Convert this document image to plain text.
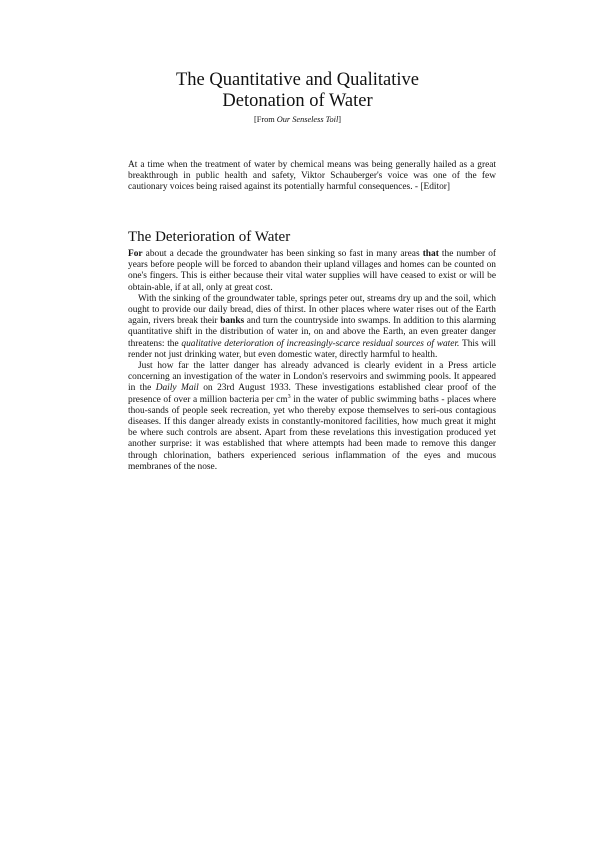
The Quantitative and Qualitative
Detonation of Water
[From Our Senseless Toil]

At a time when the treatment of water by chemical means was being generally hailed as a great breakthrough in public health and safety, Viktor Schauberger's voice was one of the few cautionary voices being raised against its potentially harmful consequences. - [Editor]

The Deterioration of Water

For about a decade the groundwater has been sinking so fast in many areas that the number of years before people will be forced to abandon their upland villages and homes can be counted on one's fingers. This is either because their vital water supplies will have ceased to exist or will be obtain-able, if at all, only at great cost.

With the sinking of the groundwater table, springs peter out, streams dry up and the soil, which ought to provide our daily bread, dies of thirst. In other places where water rises out of the Earth again, rivers break their banks and turn the countryside into swamps. In addition to this alarming quantitative shift in the distribution of water in, on and above the Earth, an even greater danger threatens: the qualitative deterioration of increasingly-scarce residual sources of water. This will render not just drinking water, but even domestic water, directly harmful to health.

Just how far the latter danger has already advanced is clearly evident in a Press article concerning an investigation of the water in London's reservoirs and swimming pools. It appeared in the Daily Mail on 23rd August 1933. These investigations established clear proof of the presence of over a million bacteria per $cm^3$ in the water of public swimming baths - places where thou-sands of people seek recreation, yet who thereby expose themselves to seri-ous contagious diseases. If this danger already exists in constantly-monitored facilities, how much great it might be where such controls are absent. Apart from these revelations this investigation produced yet another surprise: it was established that where attempts had been made to remove this danger through chlorination, bathers experienced serious inflammation of the eyes and mucous membranes of the nose.
